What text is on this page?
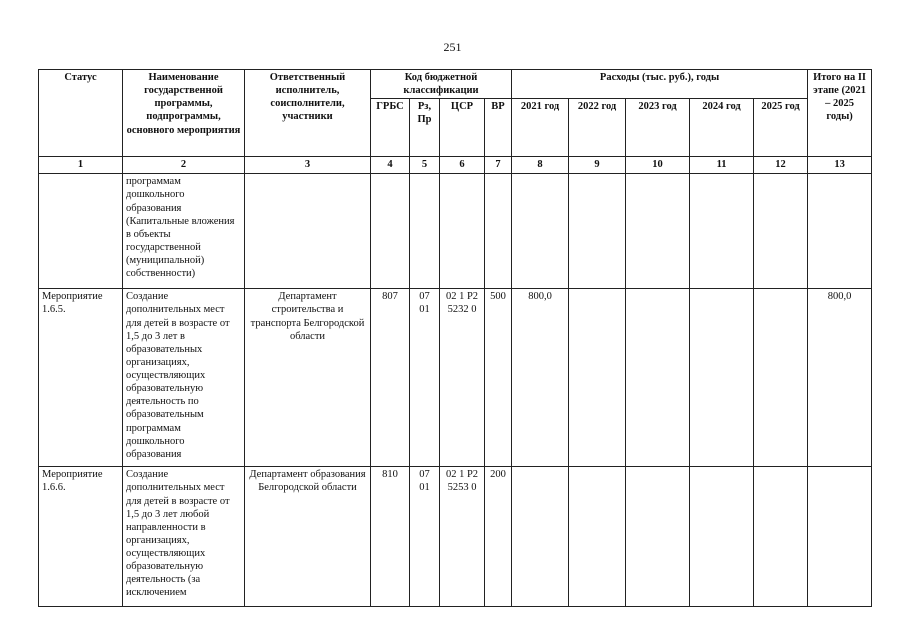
251
Статус	Наименование государственной программы, подпрограммы, основного мероприятия	Ответственный исполнитель, соисполнители, участники	Код бюджетной классификации				Расходы (тыс. руб.), годы					Итого на II этапе (2021 – 2025 годы)
			ГРБС	Рз, Пр	ЦСР	ВР	2021 год	2022 год	2023 год	2024 год	2025 год	
1	2	3	4	5	6	7	8	9	10	11	12	13
	программам дошкольного образования (Капитальные вложения в объекты государственной (муниципальной) собственности)											
Мероприятие 1.6.5.	Создание дополнительных мест для детей в возрасте от 1,5 до 3 лет в образовательных организациях, осуществляющих образовательную деятельность по образовательным программам дошкольного образования	Департамент строительства и транспорта Белгородской области	807	07 01	02 1 Р2 5232 0	500	800,0					800,0
Мероприятие 1.6.6.	Создание дополнительных мест для детей в возрасте от 1,5 до 3 лет любой направленности в организациях, осуществляющих образовательную деятельность (за исключением	Департамент образования Белгородской области	810	07 01	02 1 Р2 5253 0	200						
